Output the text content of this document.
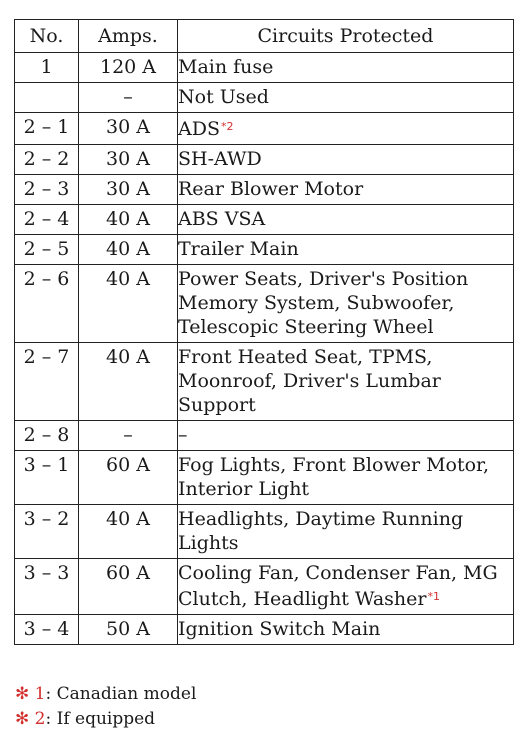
No.	Amps.	Circuits Protected
1	120 A	Main fuse
	–	Not Used
2 – 1	30 A	ADS$^{*2}$
2 – 2	30 A	SH-AWD
2 – 3	30 A	Rear Blower Motor
2 – 4	40 A	ABS VSA
2 – 5	40 A	Trailer Main
2 – 6	40 A	Power Seats, Driver's Position Memory System, Subwoofer, Telescopic Steering Wheel
2 – 7	40 A	Front Heated Seat, TPMS, Moonroof, Driver's Lumbar Support
2 – 8	–	–
3 – 1	60 A	Fog Lights, Front Blower Motor, Interior Light
3 – 2	40 A	Headlights, Daytime Running Lights
3 – 3	60 A	Cooling Fan, Condenser Fan, MG Clutch, Headlight Washer$^{*1}$
3 – 4	50 A	Ignition Switch Main
✻ 1: Canadian model
✻ 2: If equipped
